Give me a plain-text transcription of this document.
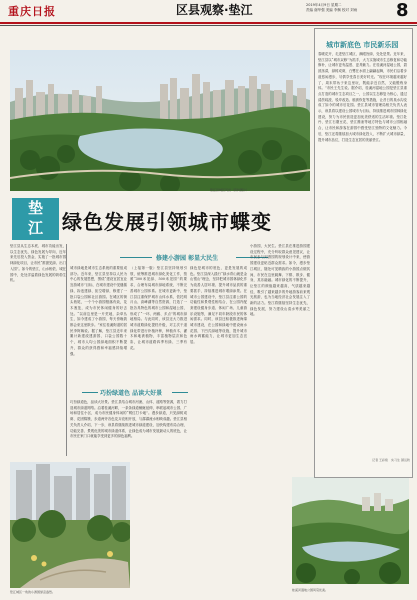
重庆日报	区县观察·垫江	2019年4月9日 星期二
责编 谢华强 美编 李飘 校对 刘雨 8
垫江县城区风光（资料图片）
垫
江 绿色发展引领城市蝶变
垫江县从生态本底、城市功能出发，以生态优先、绿色发展为导向，近年来先后投入资金，实施了一批城市园林绿化项目，让市民“推窗见绿、出门入园”。如今的垫江，山水相依、城在园中，处处洋溢着绿色发展的勃勃生机。
修建小游园 彰显大民生
城市绿地是城市生态系统的重要组成部分。近年来，垫江县坚持以人民为中心的发展思想，围绕“建设宜居宜业宜游城市”目标，在城市建设中见缝插绿、拆违建绿、拓空增绿，修建了一批口袋公园和社区游园。在城区的街头巷尾，一个个小游园错落有致，花木葱茏，成为市民休闲健身的好去处。“以前这里是一片荒地，杂草丛生，如今建成了小游园，每天傍晚我都会来这里散步。”家住桂溪街道的居民李阿姨说。据了解，垫江县近年来累计新建改建游园、口袋公园数十个，城市人均公园绿地面积不断提升，群众的获得感和幸福感持续增强。
（上接第一版）垫江县坚持规划引领，统筹推进城市绿化美化工作，按照“300米见绿、500米见园”的要求，合理布局城市绿地系统，不断完善城市公园体系。在城市更新中，垫江县注重保护城市山体水系，依托明月山、高峰湖等自然资源，打造了一批各具特色的城市公园和湿地公园，形成了“一环、两廊、多点”的城市绿地格局。与此同时，该县还大力推进城市道路绿化提档升级，对主次干道绿化带进行补植补种，种植乔木、灌木和地被植物，丰富植物层次和色彩，让城市道路四季有绿、三季有花。
绿色是城市的底色，更是发展的成色。垫江县深入践行“绿水青山就是金山银山”理念，坚持把城市园林绿化作为改善人居环境、提升城市品质的重要抓手，持续推进城市增绿添景。在城市公园建设中，垫江县注重公园的功能性和景观性相结合，在公园内配套建设健身步道、休闲广场、儿童游乐设施等，满足不同年龄段市民的休闲需求。同时，该县还积极推进海绵城市建设，在公园和绿地中建设雨水花园、下凹式绿地等设施，提升城市雨水调蓄能力，让城市更加生态宜居。
小游园，大民生。垫江县在推进游园建设过程中，充分听取群众意见建议，让市民参与到游园的规划设计中来，使游园建设更贴近群众需求。如今，漫步垫江城区，随处可见精致的小游园点缀其间，市民在这里跳舞、下棋、散步、健身，其乐融融。城市绿化的不断提升，让垫江的颜值越来越高，气质越来越佳，吸引了越来越多的外地游客前来观光旅游，也为当地经济社会发展注入了新的活力。垫江将继续坚持生态优先、绿色发展，努力建设山清水秀美丽之地。
巧扮绿道色 品读大好景
巧扮绿道色，品读大好景。垫江县结合城市河流、山体、道路等资源，着力打造城市绿道网络。沿着桂溪河畔，一条条绿道蜿蜒延伸，串联起城市公园、广场和居住小区，成为市民健身休闲的“网红打卡地”。漫步绿道，只见绿树成荫、花团锦簇，步道两旁各色花卉竞相开放，与潺潺流水相映成趣。垫江县相关负责人介绍，下一步，该县将继续推进城市绿道建设，加快构建布局合理、功能完善、景观优美的城市绿道体系，让绿色成为城市发展最动人的底色，让市民在家门口就能享受到更多的绿色福利。
垫江城区一角的小游园绿意盎然。	桂溪河湿地公园风景优美。
城市新底色 市民新乐园
春暖花开，走进垫江城区，满眼皆绿，处处是景。近年来，垫江县以“城市双修”为抓手，大力实施城市生态修复和功能修补，让城市更有温度、更具魅力。在桂溪河湿地公园，碧波荡漾，绿树成荫，白鹭在水面上翩翩起舞，市民们沿着步道悠闲漫步，尽情享受春日美好时光。“现在环境越来越好了，周末带孩子来这里玩，既能亲近自然，又能锻炼身体。”市民王先生说。据介绍，桂溪河湿地公园是垫江县重点打造的城市生态项目之一，公园以生态修复为核心，通过清淤疏浚、驳岸改造、植被恢复等措施，让昔日的臭水沟变成了如今的城市后花园。垫江县城市管理局相关负责人表示，该县将以建设公园城市为目标，持续推进城市园林绿化建设，努力为市民营造更加优美舒适的生活环境。垫江牡丹、垫江石磨豆花、垫江酱油等地方特色与城市公园相融合，让市民和游客在游园中感受垫江独特的文化魅力。今后，垫江还将继续加大城市绿化投入，不断扩大城市绿量，提升城市品位，打造生态宜居的美丽垫江。
记者 王彩艳　实习生 颜运秋
